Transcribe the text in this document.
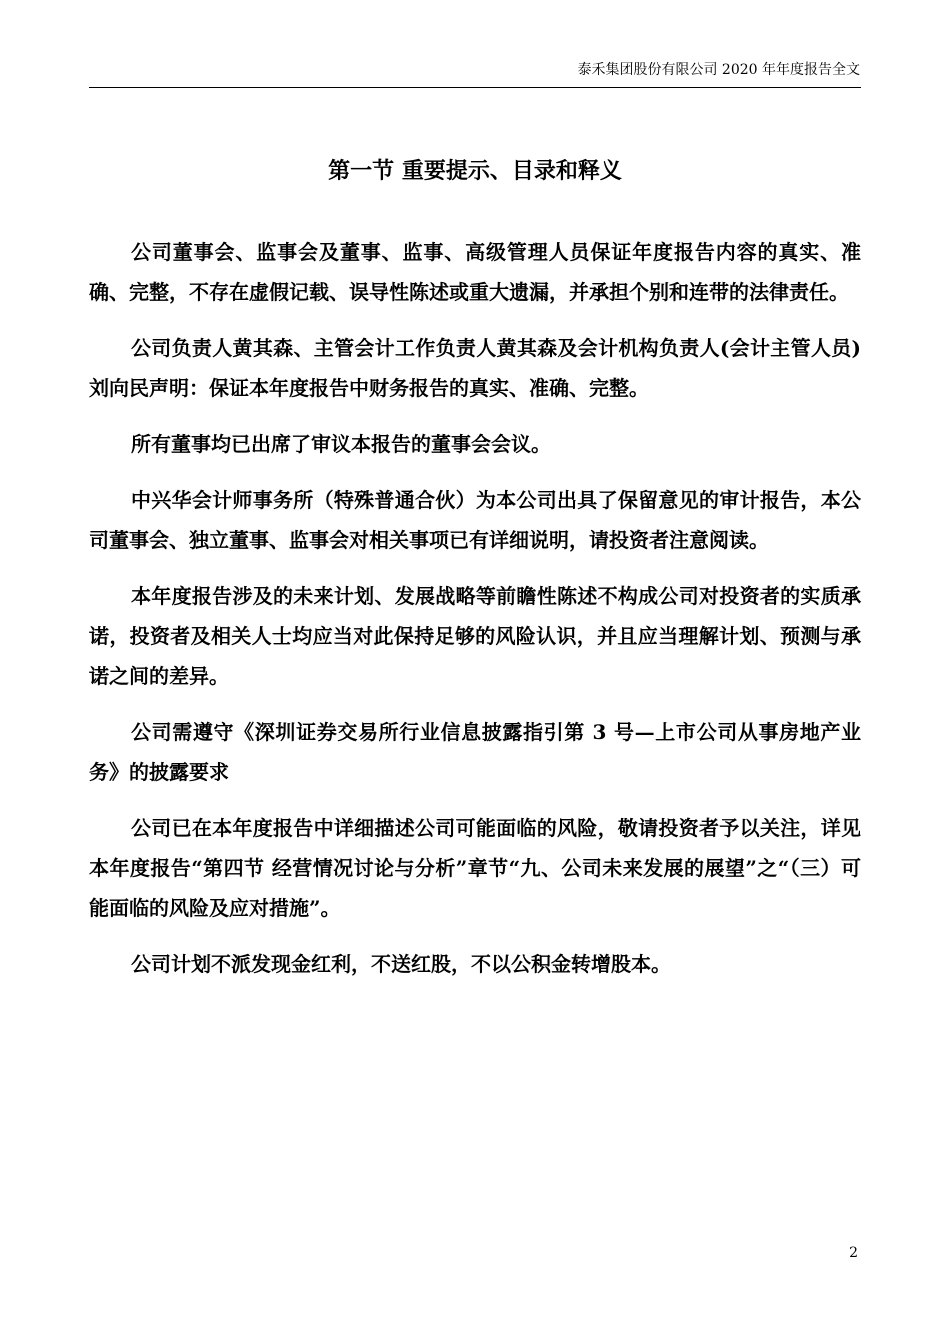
泰禾集团股份有限公司 2020 年年度报告全文
第一节 重要提示、目录和释义

公司董事会、监事会及董事、监事、高级管理人员保证年度报告内容的真实、准确、完整，不存在虚假记载、误导性陈述或重大遗漏，并承担个别和连带的法律责任。

公司负责人黄其森、主管会计工作负责人黄其森及会计机构负责人(会计主管人员)刘向民声明：保证本年度报告中财务报告的真实、准确、完整。

所有董事均已出席了审议本报告的董事会会议。

中兴华会计师事务所（特殊普通合伙）为本公司出具了保留意见的审计报告，本公司董事会、独立董事、监事会对相关事项已有详细说明，请投资者注意阅读。

本年度报告涉及的未来计划、发展战略等前瞻性陈述不构成公司对投资者的实质承诺，投资者及相关人士均应当对此保持足够的风险认识，并且应当理解计划、预测与承诺之间的差异。

公司需遵守《深圳证券交易所行业信息披露指引第 3 号—上市公司从事房地产业务》的披露要求

公司已在本年度报告中详细描述公司可能面临的风险，敬请投资者予以关注，详见本年度报告“第四节 经营情况讨论与分析”章节“九、公司未来发展的展望”之“（三）可能面临的风险及应对措施”。

公司计划不派发现金红利，不送红股，不以公积金转增股本。

2
